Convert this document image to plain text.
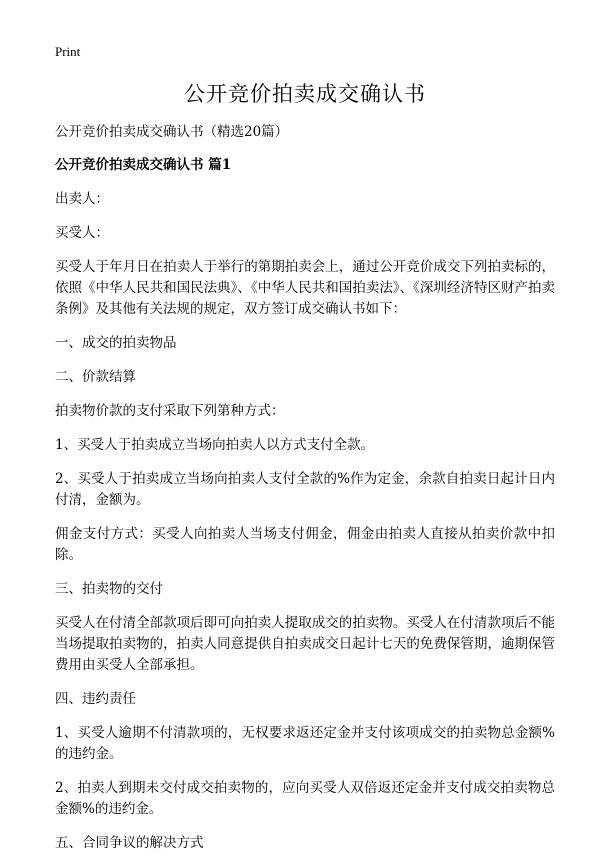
Print
公开竞价拍卖成交确认书

公开竞价拍卖成交确认书（精选20篇）

公开竞价拍卖成交确认书 篇1

出卖人：

买受人：

买受人于年月日在拍卖人于举行的第期拍卖会上，通过公开竞价成交下列拍卖标的，依照《中华人民共和国民法典》、《中华人民共和国拍卖法》、《深圳经济特区财产拍卖条例》及其他有关法规的规定，双方签订成交确认书如下：

一、成交的拍卖物品

二、价款结算

拍卖物价款的支付采取下列第种方式：

1、买受人于拍卖成立当场向拍卖人以方式支付全款。

2、买受人于拍卖成立当场向拍卖人支付全款的%作为定金，余款自拍卖日起计日内付清，金额为。

佣金支付方式：买受人向拍卖人当场支付佣金，佣金由拍卖人直接从拍卖价款中扣除。

三、拍卖物的交付

买受人在付清全部款项后即可向拍卖人提取成交的拍卖物。买受人在付清款项后不能当场提取拍卖物的，拍卖人同意提供自拍卖成交日起计七天的免费保管期，逾期保管费用由买受人全部承担。

四、违约责任

1、买受人逾期不付清款项的，无权要求返还定金并支付该项成交的拍卖物总金额%的违约金。

2、拍卖人到期未交付成交拍卖物的，应向买受人双倍返还定金并支付成交拍卖物总金额%的违约金。

五、合同争议的解决方式
